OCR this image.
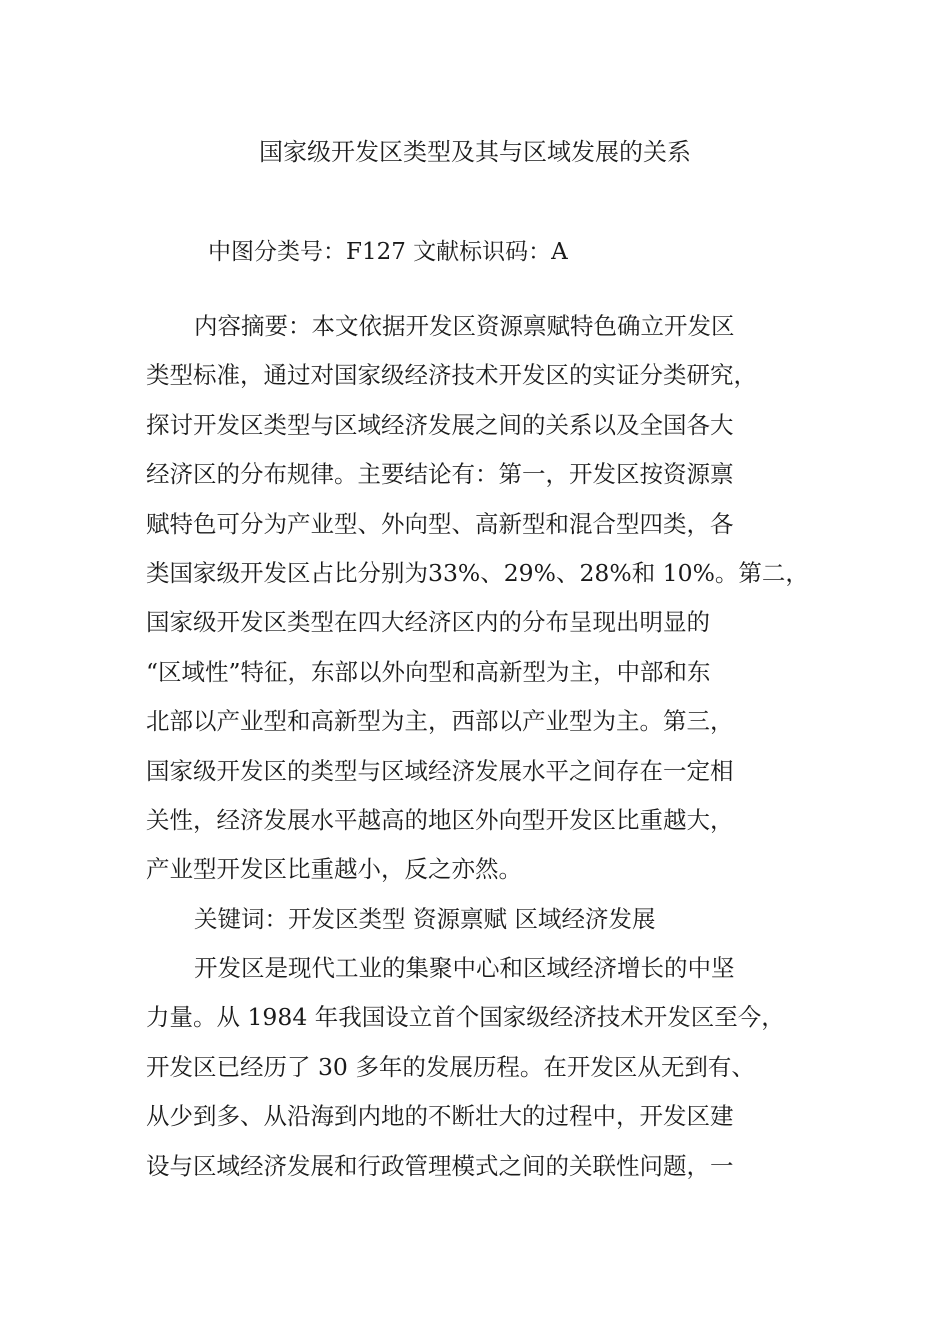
国家级开发区类型及其与区域发展的关系
中图分类号：F127 文献标识码：A
内容摘要：本文依据开发区资源禀赋特色确立开发区
类型标准，通过对国家级经济技术开发区的实证分类研究，
探讨开发区类型与区域经济发展之间的关系以及全国各大
经济区的分布规律。主要结论有：第一，开发区按资源禀
赋特色可分为产业型、外向型、高新型和混合型四类，各
类国家级开发区占比分别为33%、29%、28%和 10%。第二，
国家级开发区类型在四大经济区内的分布呈现出明显的
“区域性”特征，东部以外向型和高新型为主，中部和东
北部以产业型和高新型为主，西部以产业型为主。第三，
国家级开发区的类型与区域经济发展水平之间存在一定相
关性，经济发展水平越高的地区外向型开发区比重越大，
产业型开发区比重越小，反之亦然。
关键词：开发区类型 资源禀赋 区域经济发展
开发区是现代工业的集聚中心和区域经济增长的中坚
力量。从 1984 年我国设立首个国家级经济技术开发区至今，
开发区已经历了 30 多年的发展历程。在开发区从无到有、
从少到多、从沿海到内地的不断壮大的过程中，开发区建
设与区域经济发展和行政管理模式之间的关联性问题，一
